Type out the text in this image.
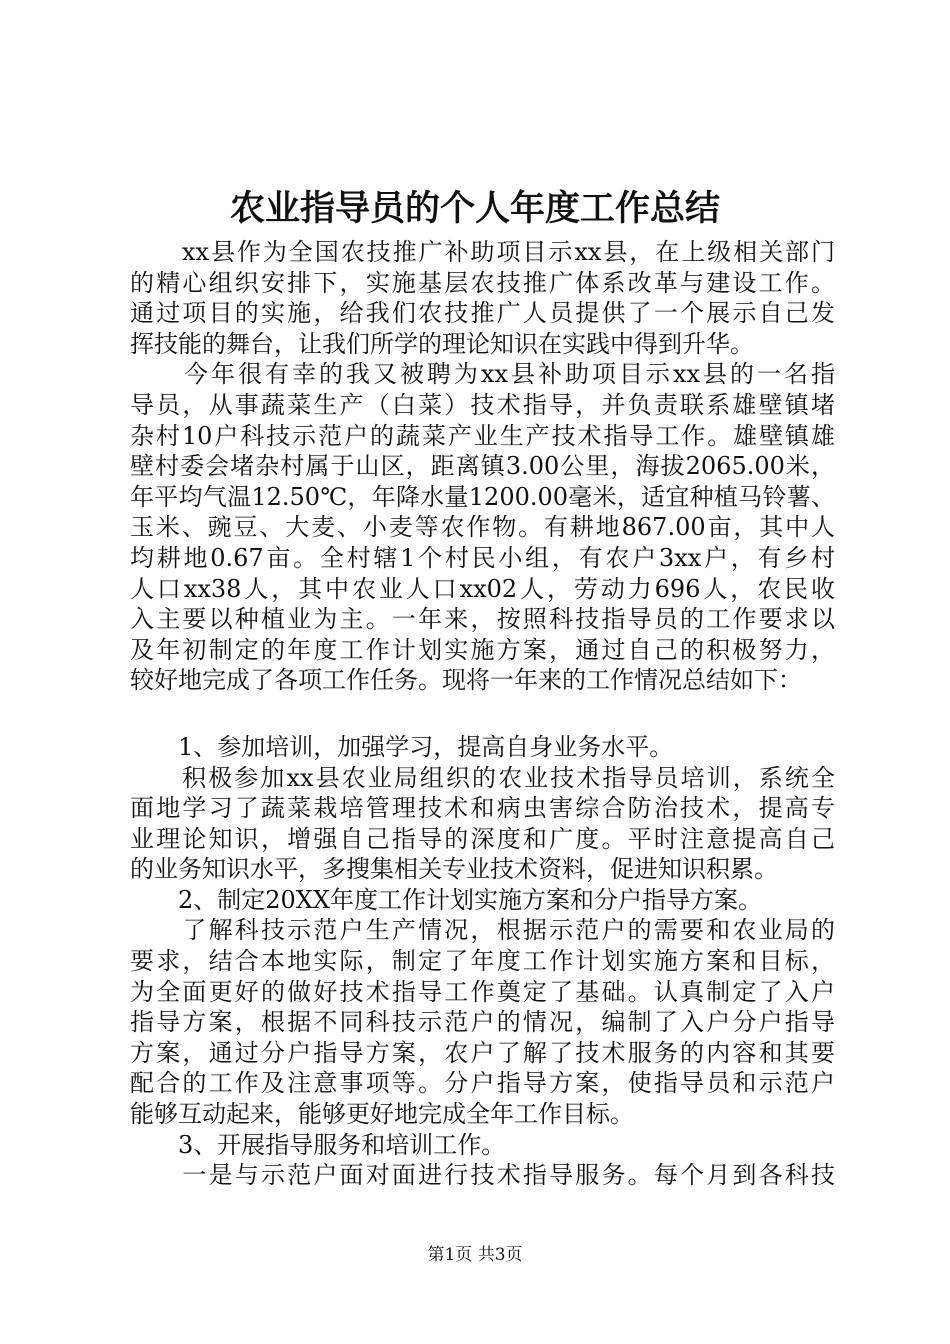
农业指导员的个人年度工作总结
　　xx县作为全国农技推广补助项目示xx县，在上级相关部门
的精心组织安排下，实施基层农技推广体系改革与建设工作。
通过项目的实施，给我们农技推广人员提供了一个展示自己发
挥技能的舞台，让我们所学的理论知识在实践中得到升华。
　　今年很有幸的我又被聘为xx县补助项目示xx县的一名指
导员，从事蔬菜生产（白菜）技术指导，并负责联系雄壁镇堵
杂村10户科技示范户的蔬菜产业生产技术指导工作。雄壁镇雄
壁村委会堵杂村属于山区，距离镇3.00公里，海拔2065.00米，
年平均气温12.50℃，年降水量1200.00毫米，适宜种植马铃薯、
玉米、豌豆、大麦、小麦等农作物。有耕地867.00亩，其中人
均耕地0.67亩。全村辖1个村民小组，有农户3xx户，有乡村
人口xx38人，其中农业人口xx02人，劳动力696人，农民收
入主要以种植业为主。一年来，按照科技指导员的工作要求以
及年初制定的年度工作计划实施方案，通过自己的积极努力，
较好地完成了各项工作任务。现将一年来的工作情况总结如下：
　　1、参加培训，加强学习，提高自身业务水平。
　　积极参加xx县农业局组织的农业技术指导员培训，系统全
面地学习了蔬菜栽培管理技术和病虫害综合防治技术，提高专
业理论知识，增强自己指导的深度和广度。平时注意提高自己
的业务知识水平，多搜集相关专业技术资料，促进知识积累。
　　2、制定20XX年度工作计划实施方案和分户指导方案。
　　了解科技示范户生产情况，根据示范户的需要和农业局的
要求，结合本地实际，制定了年度工作计划实施方案和目标，
为全面更好的做好技术指导工作奠定了基础。认真制定了入户
指导方案，根据不同科技示范户的情况，编制了入户分户指导
方案，通过分户指导方案，农户了解了技术服务的内容和其要
配合的工作及注意事项等。分户指导方案，使指导员和示范户
能够互动起来，能够更好地完成全年工作目标。
　　3、开展指导服务和培训工作。
　　一是与示范户面对面进行技术指导服务。每个月到各科技
第1页 共3页
